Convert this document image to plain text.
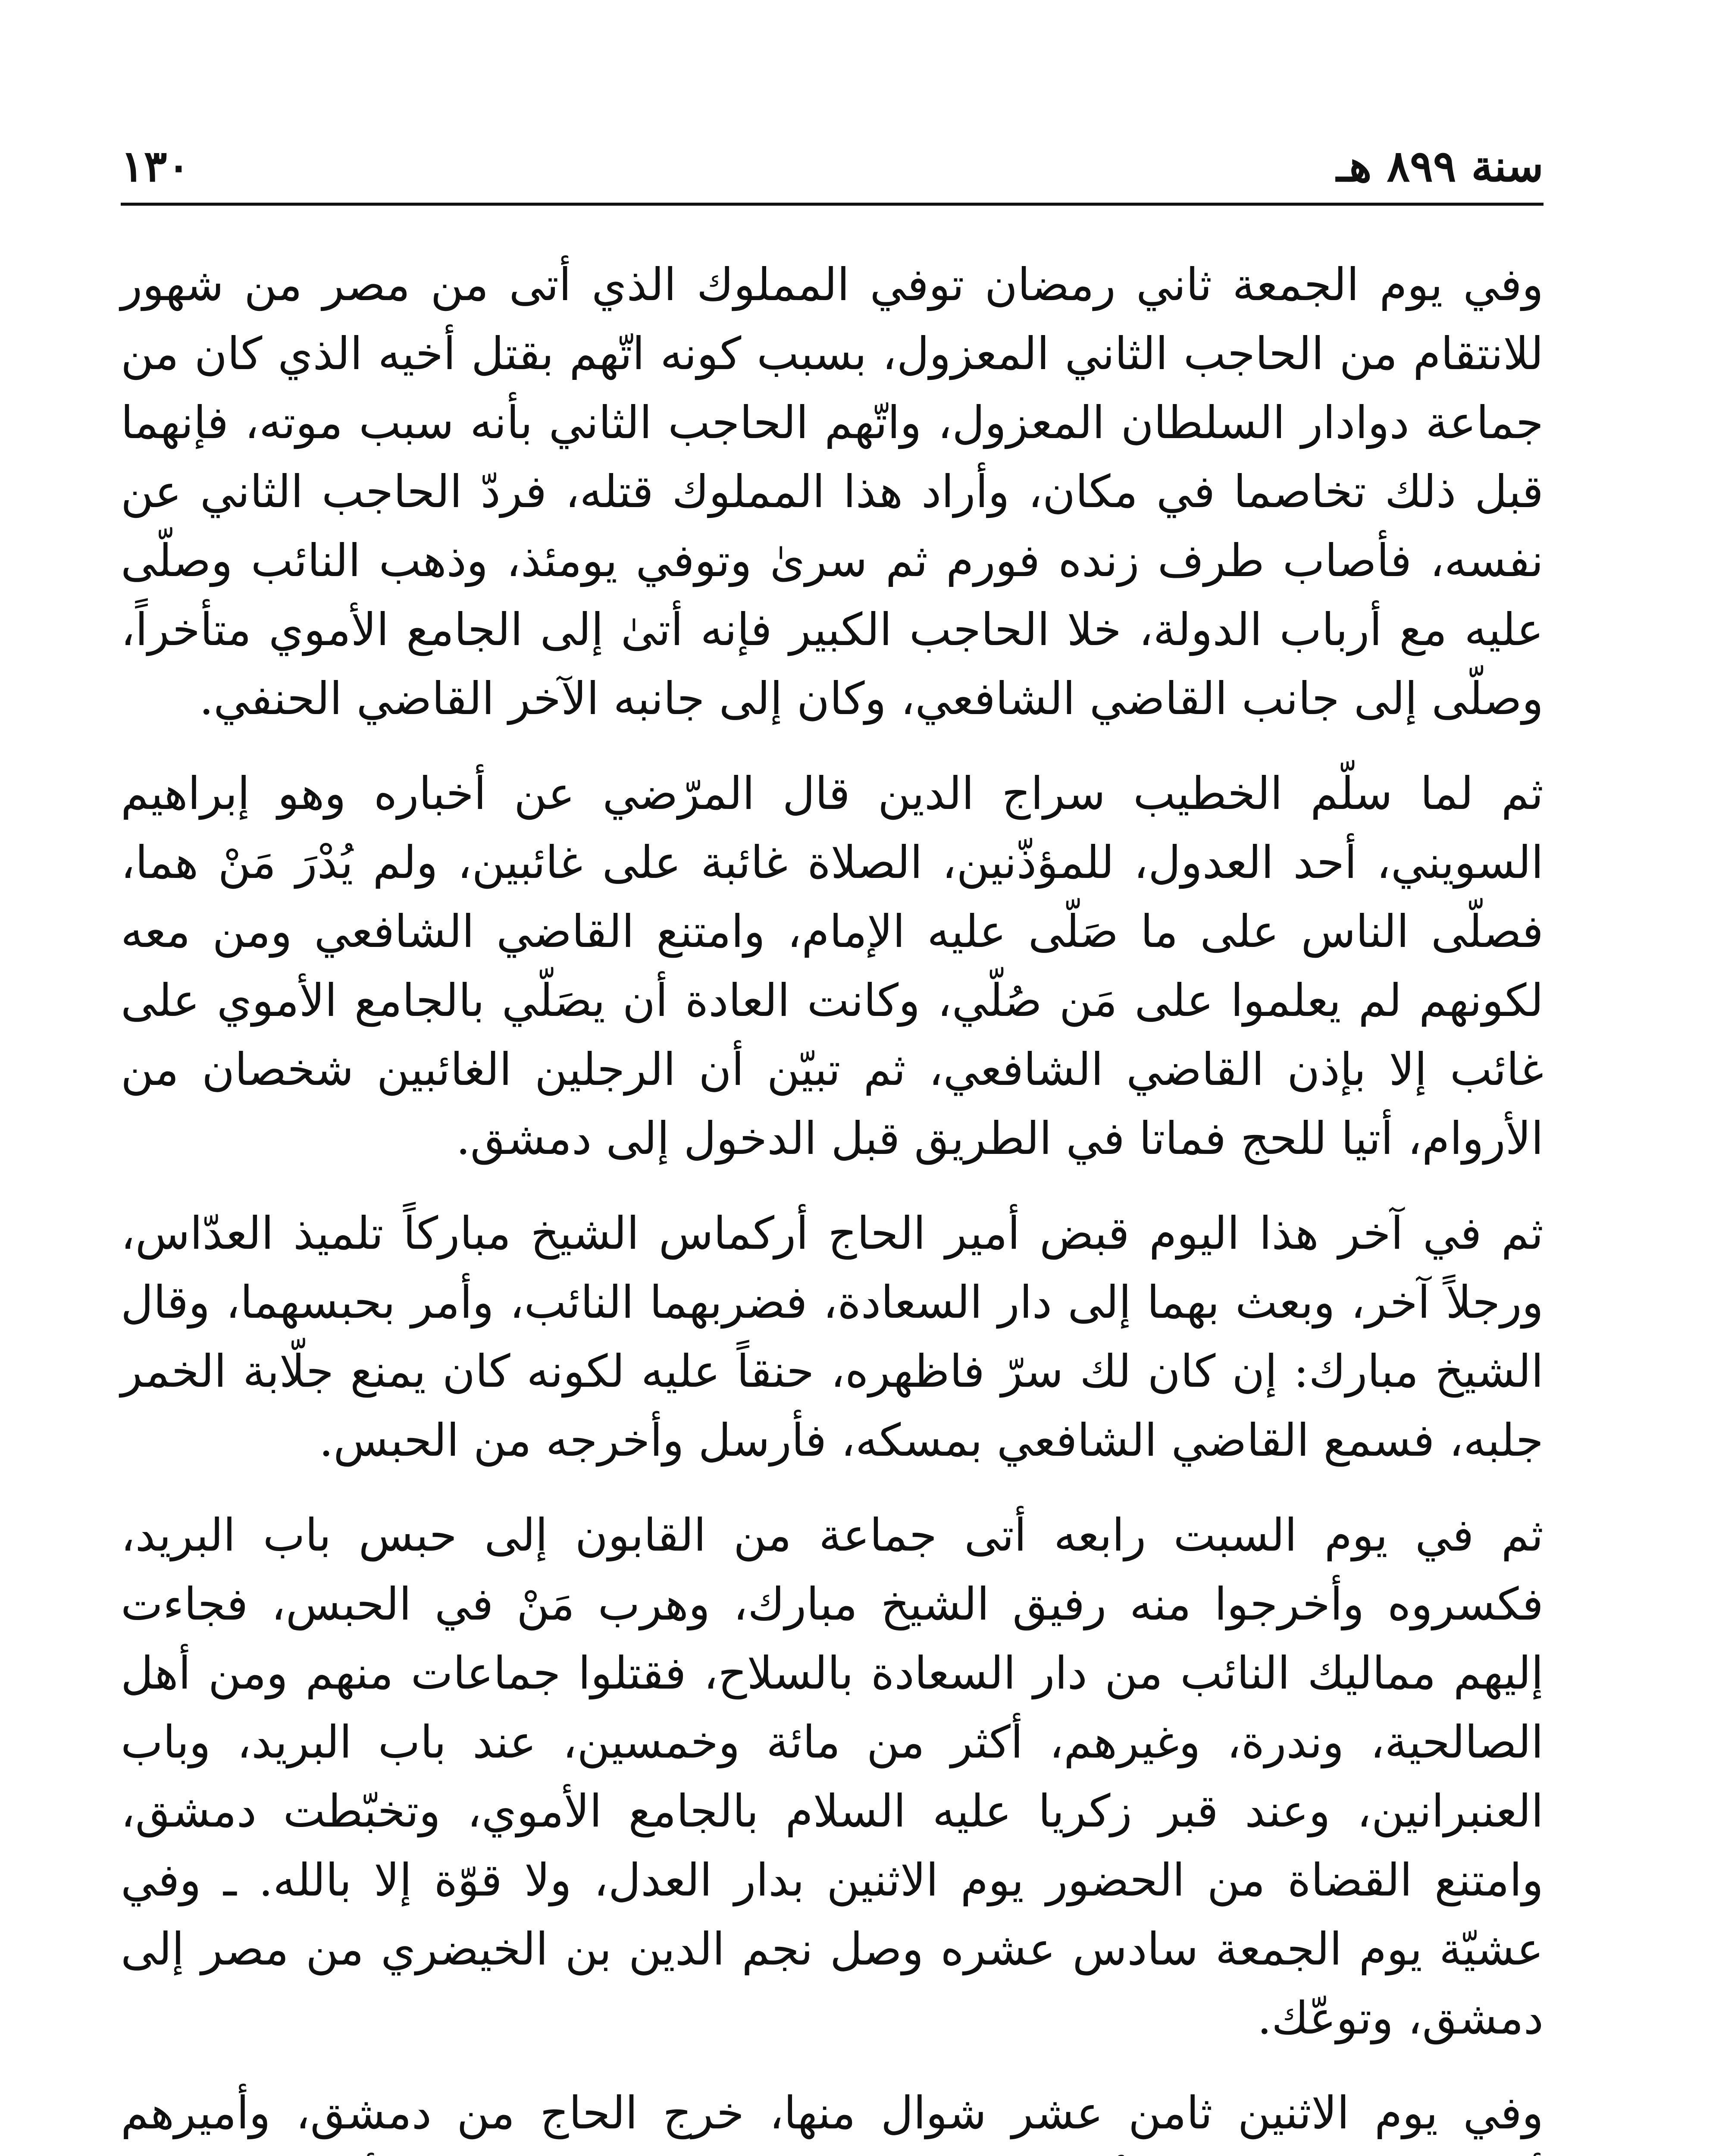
١٣٠	سنة ٨٩٩ هـ

وفي يوم الجمعة ثاني رمضان توفي المملوك الذي أتى من مصر من شهور للانتقام من الحاجب الثاني المعزول، بسبب كونه اتّهم بقتل أخيه الذي كان من جماعة دوادار السلطان المعزول، واتّهم الحاجب الثاني بأنه سبب موته، فإنهما قبل ذلك تخاصما في مكان، وأراد هذا المملوك قتله، فردّ الحاجب الثاني عن نفسه، فأصاب طرف زنده فورم ثم سرىٰ وتوفي يومئذ، وذهب النائب وصلّى عليه مع أرباب الدولة، خلا الحاجب الكبير فإنه أتىٰ إلى الجامع الأموي متأخراً، وصلّى إلى جانب القاضي الشافعي، وكان إلى جانبه الآخر القاضي الحنفي.

ثم لما سلّم الخطيب سراج الدين قال المرّضي عن أخباره وهو إبراهيم السويني، أحد العدول، للمؤذّنين، الصلاة غائبة على غائبين، ولم يُدْرَ مَنْ هما، فصلّى الناس على ما صَلّى عليه الإمام، وامتنع القاضي الشافعي ومن معه لكونهم لم يعلموا على مَن صُلّي، وكانت العادة أن يصَلّي بالجامع الأموي على غائب إلا بإذن القاضي الشافعي، ثم تبيّن أن الرجلين الغائبين شخصان من الأروام، أتيا للحج فماتا في الطريق قبل الدخول إلى دمشق.

ثم في آخر هذا اليوم قبض أمير الحاج أركماس الشيخ مباركاً تلميذ العدّاس، ورجلاً آخر، وبعث بهما إلى دار السعادة، فضربهما النائب، وأمر بحبسهما، وقال الشيخ مبارك: إن كان لك سرّ فاظهره، حنقاً عليه لكونه كان يمنع جلّابة الخمر جلبه، فسمع القاضي الشافعي بمسكه، فأرسل وأخرجه من الحبس.

ثم في يوم السبت رابعه أتى جماعة من القابون إلى حبس باب البريد، فكسروه وأخرجوا منه رفيق الشيخ مبارك، وهرب مَنْ في الحبس، فجاءت إليهم مماليك النائب من دار السعادة بالسلاح، فقتلوا جماعات منهم ومن أهل الصالحية، وندرة، وغيرهم، أكثر من مائة وخمسين، عند باب البريد، وباب العنبرانين، وعند قبر زكريا عليه السلام بالجامع الأموي، وتخبّطت دمشق، وامتنع القضاة من الحضور يوم الاثنين بدار العدل، ولا قوّة إلا بالله. ـ وفي عشيّة يوم الجمعة سادس عشره وصل نجم الدين بن الخيضري من مصر إلى دمشق، وتوعّك.

وفي يوم الاثنين ثامن عشر شوال منها، خرج الحاج من دمشق، وأميرهم
